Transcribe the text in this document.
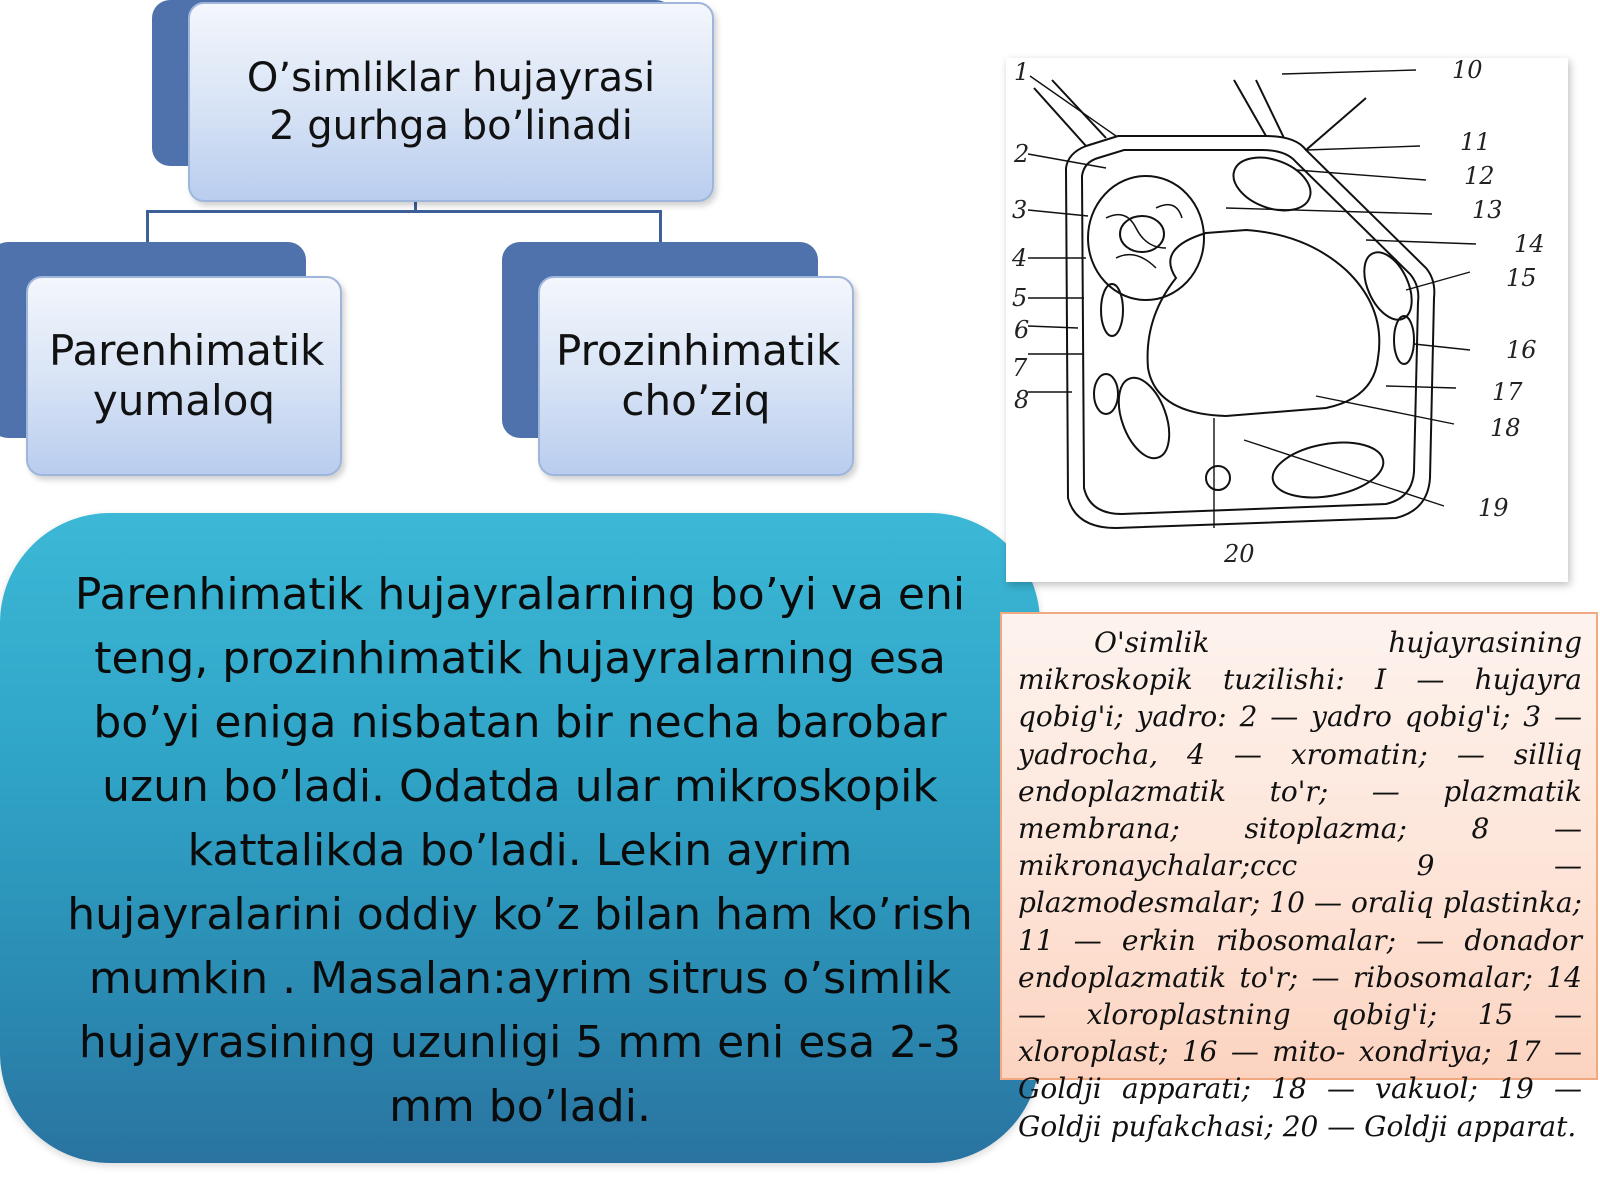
O’simliklar hujayrasi 2 gurhga bo’linadi
Parenhimatik yumaloq
Prozinhimatik cho’ziq
Parenhimatik hujayralarning bo’yi va eni teng, prozinhimatik hujayralarning esa bo’yi eniga nisbatan bir necha barobar uzun bo’ladi. Odatda ular mikroskopik kattalikda bo’ladi. Lekin ayrim hujayralarini oddiy ko’z bilan ham ko’rish mumkin . Masalan:ayrim sitrus o’simlik hujayrasining uzunligi 5 mm eni esa 2-3 mm bo’ladi.
1
2
3
4
5
6
7
8
10
11
12
13
14
15
16
17
18
19
20

O'simlik hujayrasining mikroskopik tuzilishi: I — hujayra qobig'i; yadro: 2 — yadro qobig'i; 3 — yadrocha, 4 — xromatin; — silliq endoplazmatik to'r; — plazmatik membrana; sitoplazma; 8 — mikronaychalar;ccc 9 — plazmodesmalar; 10 — oraliq plastinka; 11 — erkin ribosomalar; — donador endoplazmatik to'r; — ribosomalar; 14 — xloroplastning qobig'i; 15 — xloroplast; 16 — mito- xondriya; 17 — Goldji apparati; 18 — vakuol; 19 — Goldji pufakchasi; 20 — Goldji apparat.
